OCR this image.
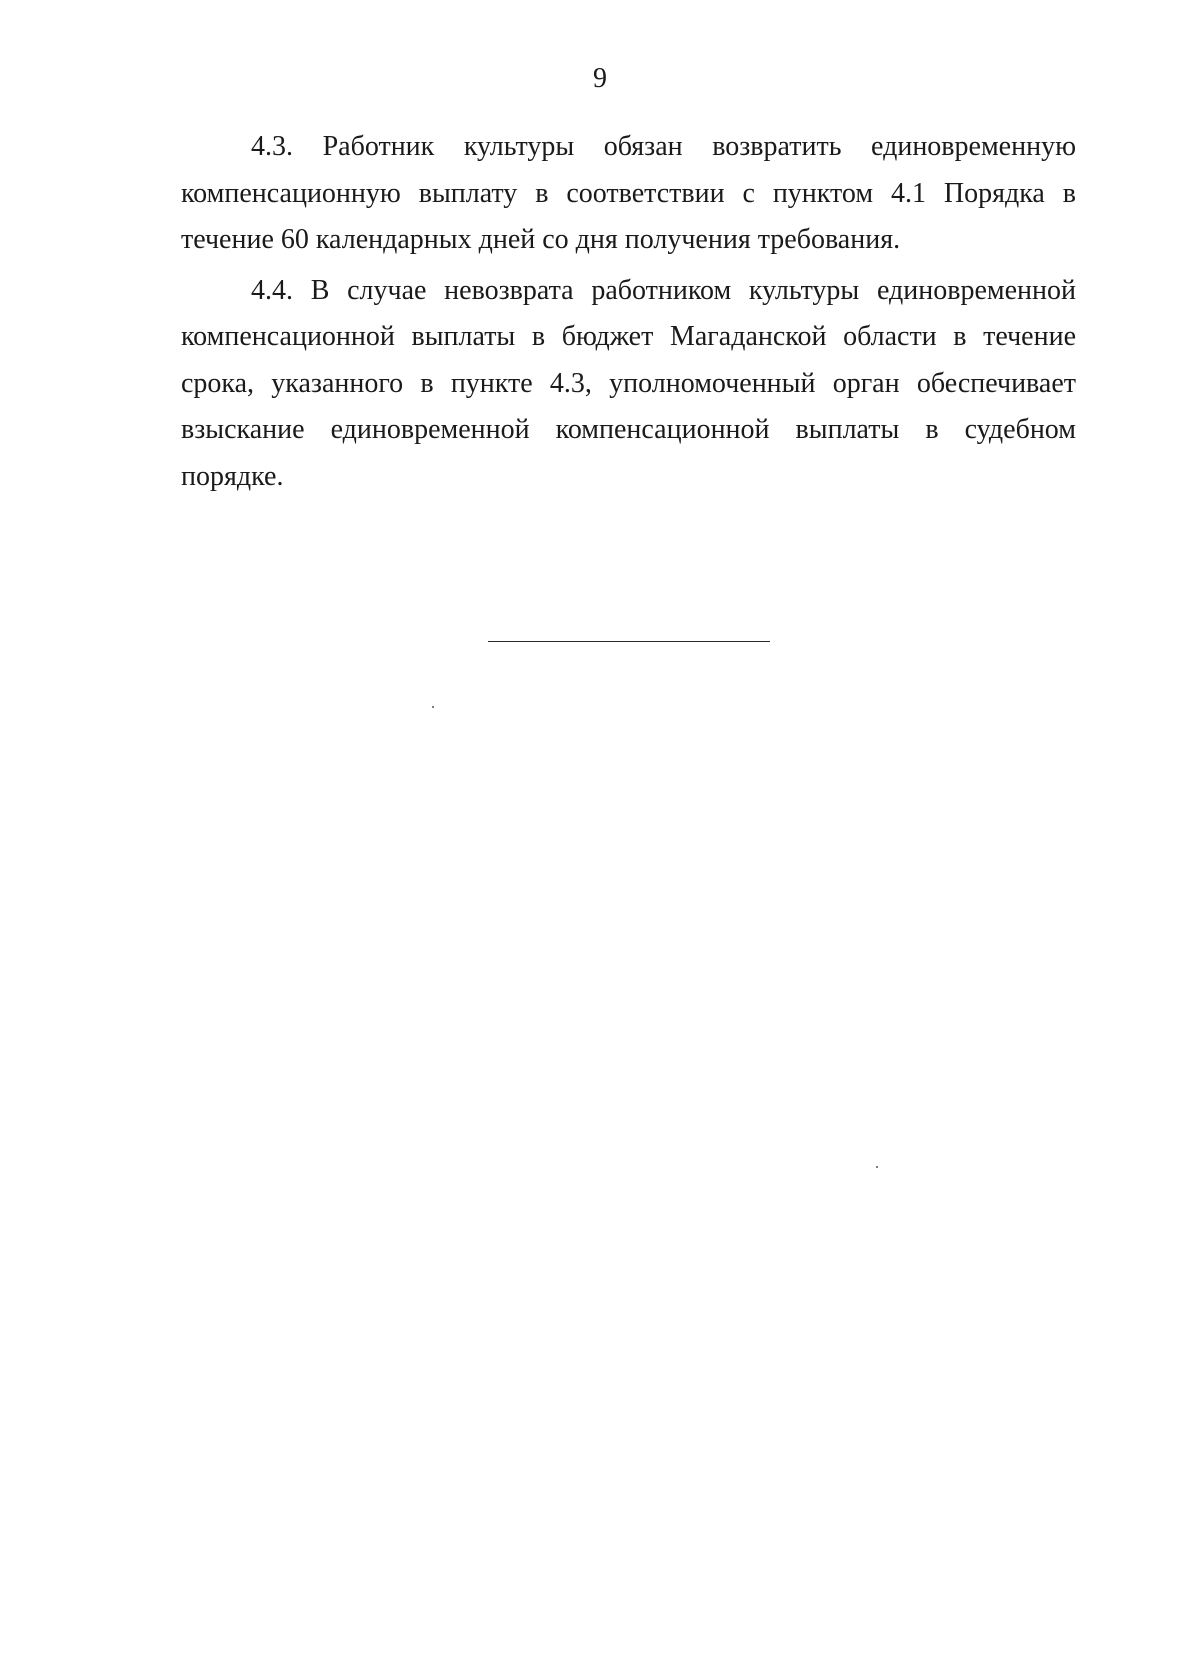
9

4.3. Работник культуры обязан возвратить единовременную компенсационную выплату в соответствии с пунктом 4.1 Порядка в течение 60 календарных дней со дня получения требования.

4.4. В случае невозврата работником культуры единовременной компенсационной выплаты в бюджет Магаданской области в течение срока, указанного в пункте 4.3, уполномоченный орган обеспечивает взыскание единовременной компенсационной выплаты в судебном порядке.
